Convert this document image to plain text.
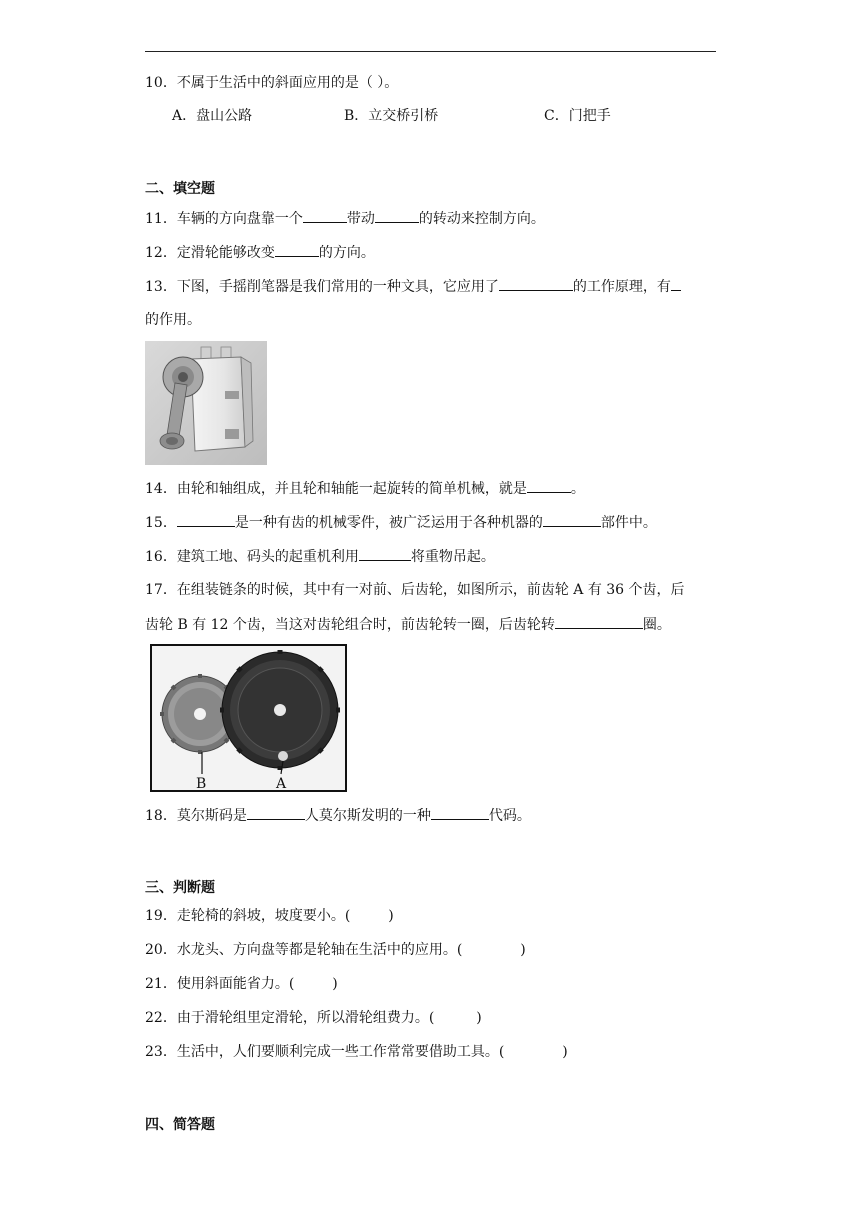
10．不属于生活中的斜面应用的是（ ）。
A．盘山公路	B．立交桥引桥	C．门把手
二、填空题
11．车辆的方向盘靠一个	带动	的转动来控制方向。
12．定滑轮能够改变	的方向。
13．下图，手摇削笔器是我们常用的一种文具，它应用了	的工作原理，有
的作用。
14．由轮和轴组成，并且轮和轴能一起旋转的简单机械，就是	。
15．	是一种有齿的机械零件，被广泛运用于各种机器的	部件中。
16．建筑工地、码头的起重机利用	将重物吊起。
17．在组装链条的时候，其中有一对前、后齿轮，如图所示，前齿轮 A 有 36 个齿，后
齿轮 B 有 12 个齿，当这对齿轮组合时，前齿轮转一圈，后齿轮转	圈。
B	A
18．莫尔斯码是	人莫尔斯发明的一种	代码。
三、判断题
19．走轮椅的斜坡，坡度要小。(	)
20．水龙头、方向盘等都是轮轴在生活中的应用。(	)
21．使用斜面能省力。(	)
22．由于滑轮组里定滑轮，所以滑轮组费力。(	)
23．生活中，人们要顺利完成一些工作常常要借助工具。(	)
四、简答题
